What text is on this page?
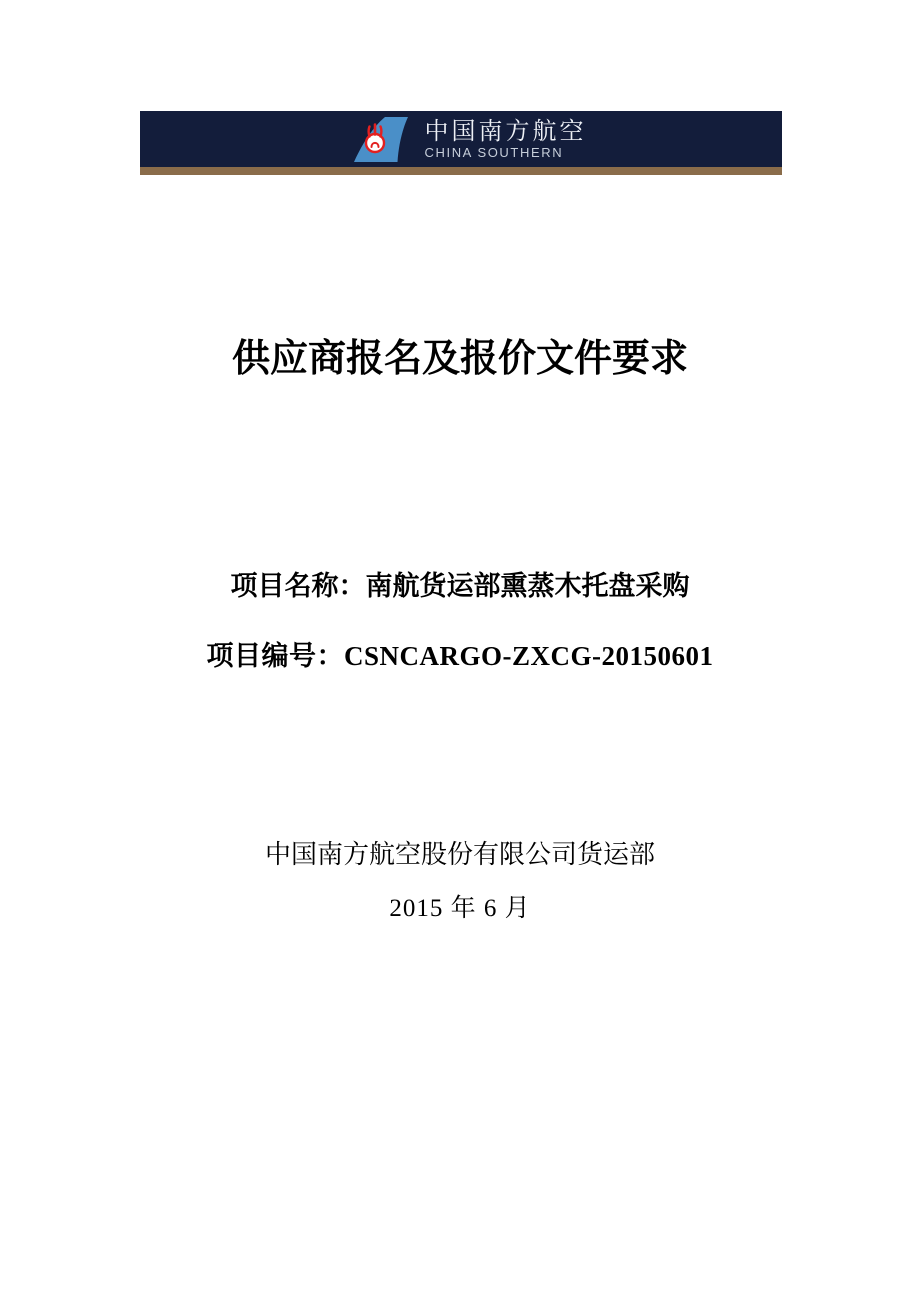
中国南方航空
CHINA SOUTHERN
供应商报名及报价文件要求

项目名称：南航货运部熏蒸木托盘采购

项目编号：CSNCARGO-ZXCG-20150601

中国南方航空股份有限公司货运部

2015 年 6 月
